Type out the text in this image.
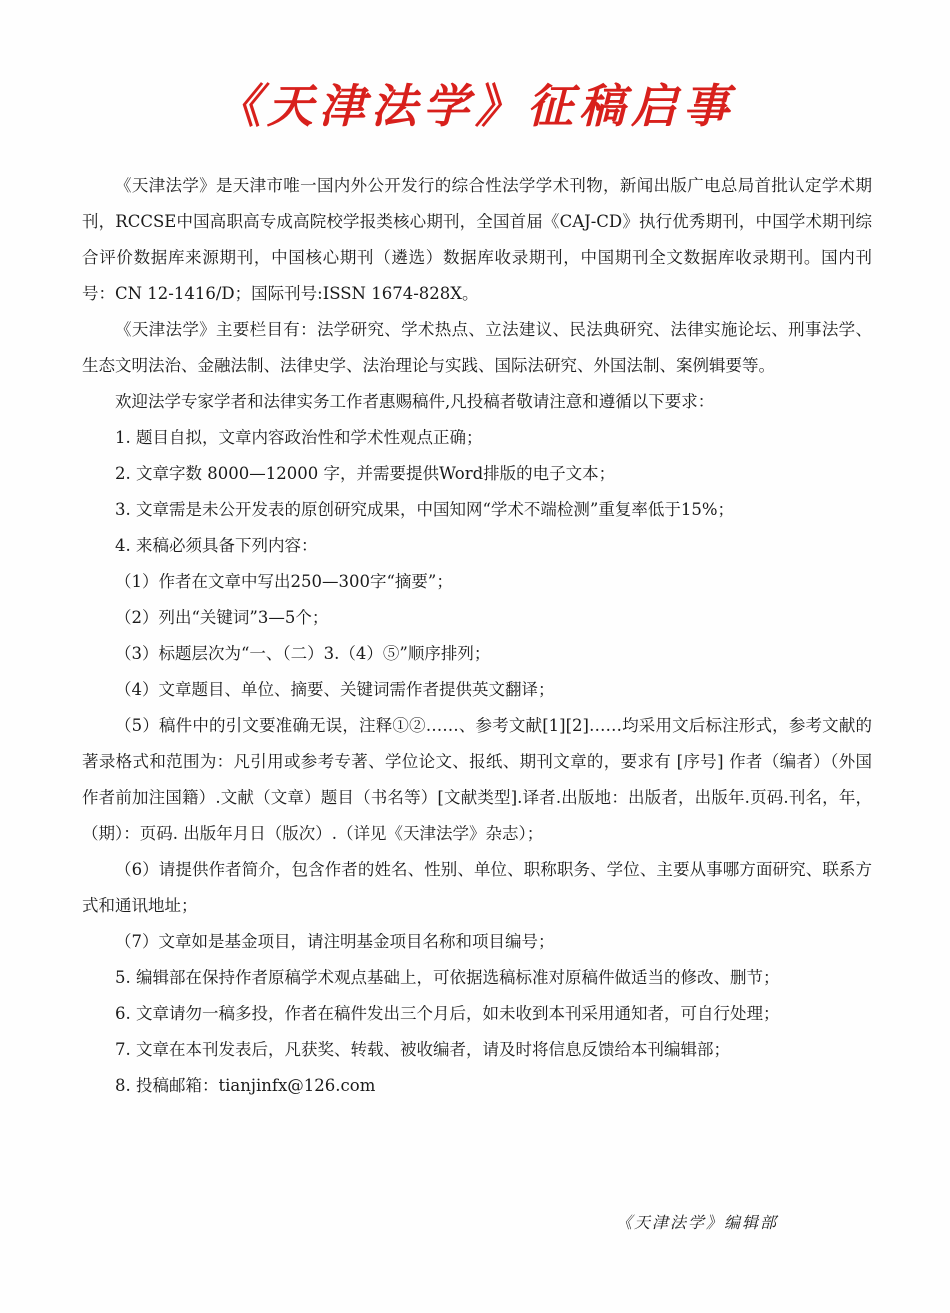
《天津法学》征稿启事

《天津法学》是天津市唯一国内外公开发行的综合性法学学术刊物，新闻出版广电总局首批认定学术期刊，RCCSE中国高职高专成高院校学报类核心期刊，全国首届《CAJ-CD》执行优秀期刊，中国学术期刊综合评价数据库来源期刊，中国核心期刊（遴选）数据库收录期刊，中国期刊全文数据库收录期刊。国内刊号：CN 12-1416/D；国际刊号:ISSN 1674-828X。

《天津法学》主要栏目有：法学研究、学术热点、立法建议、民法典研究、法律实施论坛、刑事法学、生态文明法治、金融法制、法律史学、法治理论与实践、国际法研究、外国法制、案例辑要等。

欢迎法学专家学者和法律实务工作者惠赐稿件,凡投稿者敬请注意和遵循以下要求：

1. 题目自拟，文章内容政治性和学术性观点正确；

2. 文章字数 8000—12000 字，并需要提供Word排版的电子文本；

3. 文章需是未公开发表的原创研究成果，中国知网“学术不端检测”重复率低于15%；

4. 来稿必须具备下列内容：

（1）作者在文章中写出250—300字“摘要”；

（2）列出“关键词”3—5个；

（3）标题层次为“一、（二）3.（4）⑤”顺序排列；

（4）文章题目、单位、摘要、关键词需作者提供英文翻译；

（5）稿件中的引文要准确无误，注释①②……、参考文献[1][2]……均采用文后标注形式，参考文献的著录格式和范围为：凡引用或参考专著、学位论文、报纸、期刊文章的，要求有 [序号] 作者（编者）（外国作者前加注国籍）.文献（文章）题目（书名等）[文献类型].译者.出版地：出版者，出版年.页码.刊名，年，（期）：页码. 出版年月日（版次）.（详见《天津法学》杂志）；

（6）请提供作者简介，包含作者的姓名、性别、单位、职称职务、学位、主要从事哪方面研究、联系方式和通讯地址；

（7）文章如是基金项目，请注明基金项目名称和项目编号；

5. 编辑部在保持作者原稿学术观点基础上，可依据选稿标准对原稿件做适当的修改、删节；

6. 文章请勿一稿多投，作者在稿件发出三个月后，如未收到本刊采用通知者，可自行处理；

7. 文章在本刊发表后，凡获奖、转载、被收编者，请及时将信息反馈给本刊编辑部；

8. 投稿邮箱：tianjinfx@126.com

《天津法学》编辑部
